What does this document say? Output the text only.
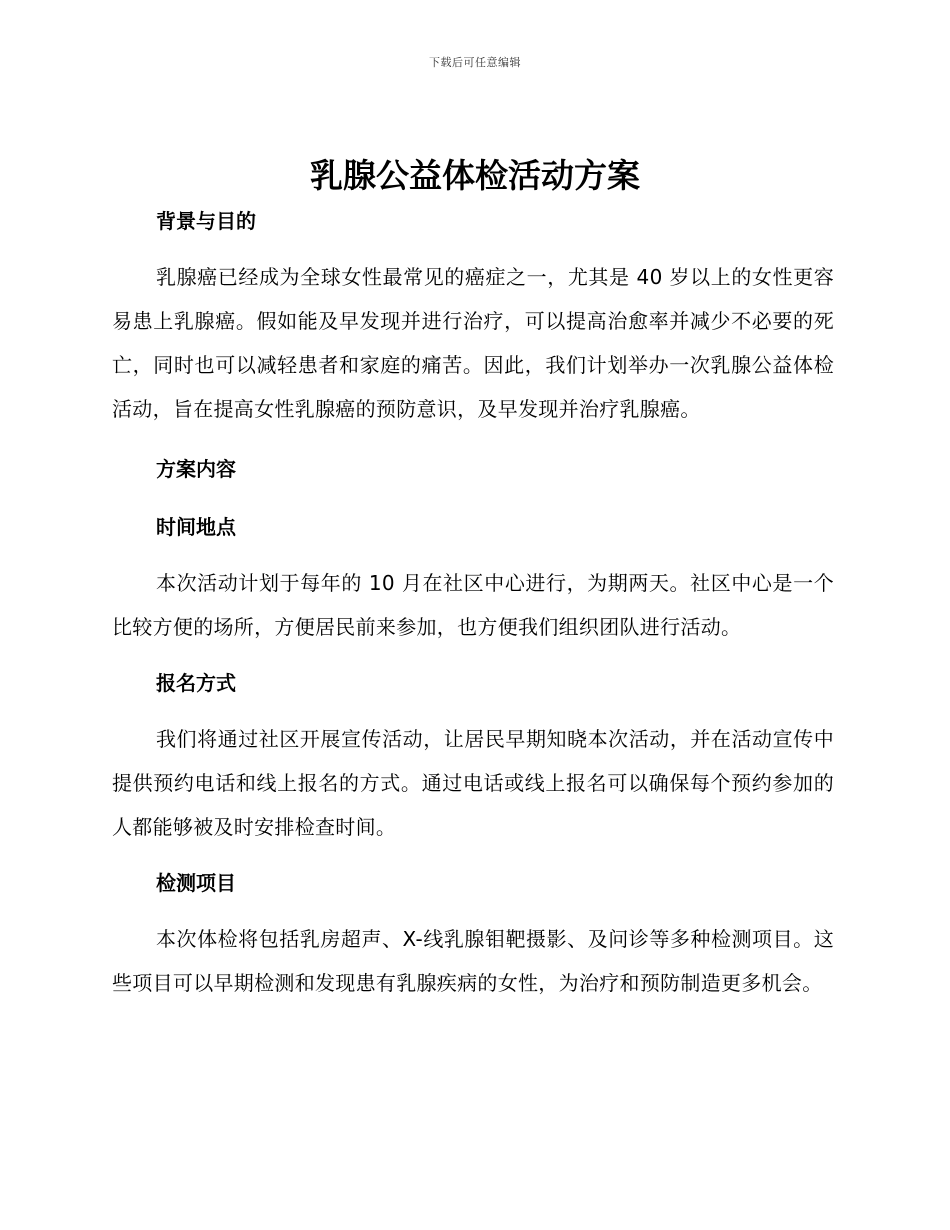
下载后可任意编辑
乳腺公益体检活动方案
背景与目的

乳腺癌已经成为全球女性最常见的癌症之一，尤其是 40 岁以上的女性更容易患上乳腺癌。假如能及早发现并进行治疗，可以提高治愈率并减少不必要的死亡，同时也可以减轻患者和家庭的痛苦。因此，我们计划举办一次乳腺公益体检活动，旨在提高女性乳腺癌的预防意识，及早发现并治疗乳腺癌。

方案内容
时间地点

本次活动计划于每年的 10 月在社区中心进行，为期两天。社区中心是一个比较方便的场所，方便居民前来参加，也方便我们组织团队进行活动。

报名方式

我们将通过社区开展宣传活动，让居民早期知晓本次活动，并在活动宣传中提供预约电话和线上报名的方式。通过电话或线上报名可以确保每个预约参加的人都能够被及时安排检查时间。

检测项目

本次体检将包括乳房超声、X-线乳腺钼靶摄影、及问诊等多种检测项目。这些项目可以早期检测和发现患有乳腺疾病的女性，为治疗和预防制造更多机会。
